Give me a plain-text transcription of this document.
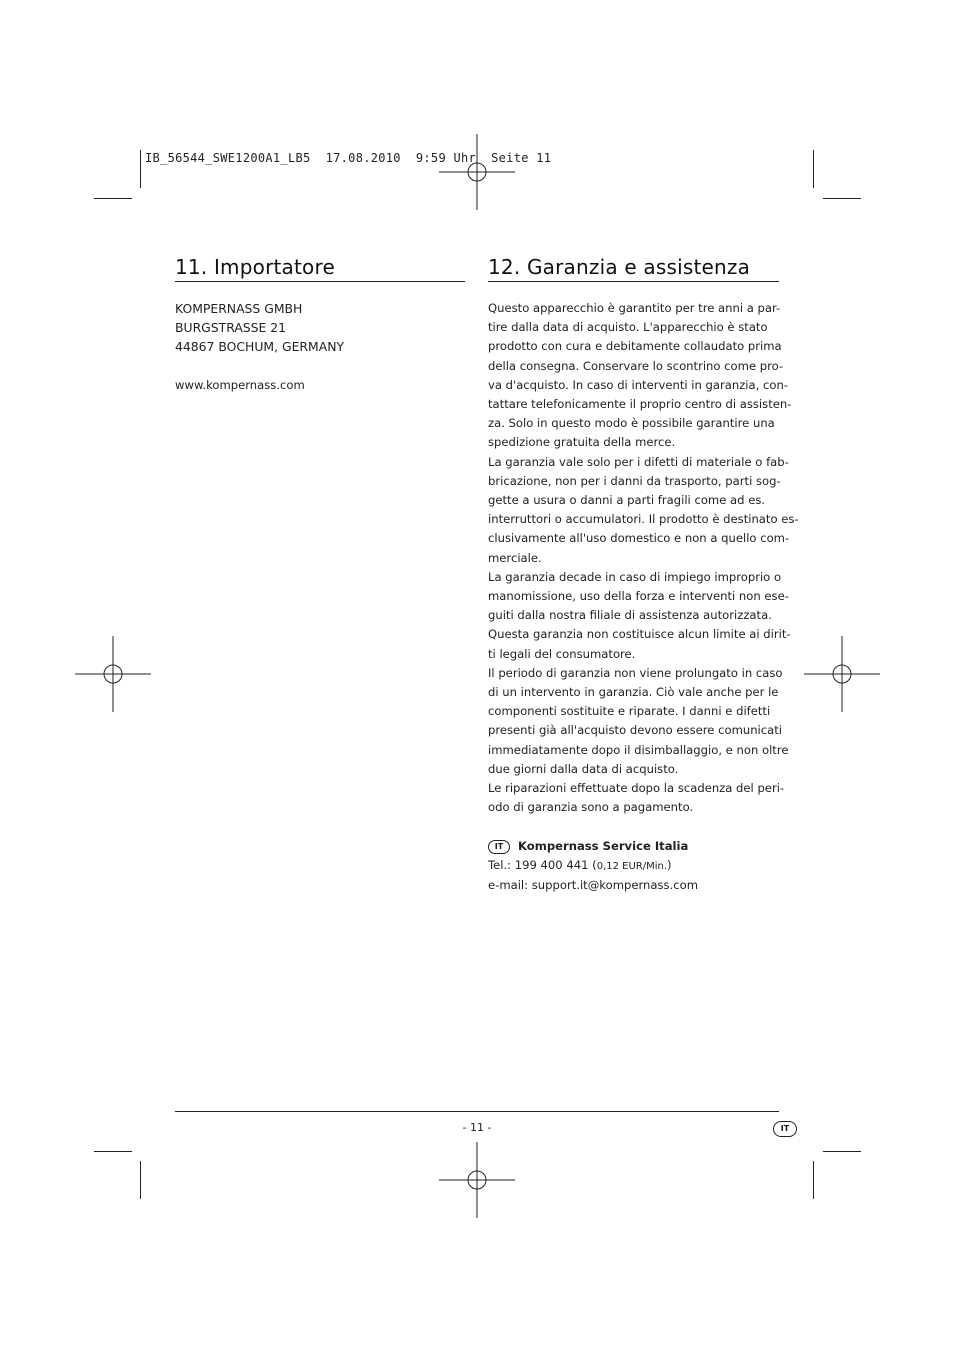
IB_56544_SWE1200A1_LB5  17.08.2010  9:59 Uhr  Seite 11
11. Importatore
KOMPERNASS GMBH
BURGSTRASSE 21
44867 BOCHUM, GERMANY
www.kompernass.com
12. Garanzia e assistenza
Questo apparecchio è garantito per tre anni a par-
tire dalla data di acquisto. L'apparecchio è stato
prodotto con cura e debitamente collaudato prima
della consegna. Conservare lo scontrino come pro-
va d'acquisto. In caso di interventi in garanzia, con-
tattare telefonicamente il proprio centro di assisten-
za. Solo in questo modo è possibile garantire una
spedizione gratuita della merce.
La garanzia vale solo per i difetti di materiale o fab-
bricazione, non per i danni da trasporto, parti sog-
gette a usura o danni a parti fragili come ad es.
interruttori o accumulatori. Il prodotto è destinato es-
clusivamente all'uso domestico e non a quello com-
merciale.
La garanzia decade in caso di impiego improprio o
manomissione, uso della forza e interventi non ese-
guiti dalla nostra filiale di assistenza autorizzata.
Questa garanzia non costituisce alcun limite ai dirit-
ti legali del consumatore.
Il periodo di garanzia non viene prolungato in caso
di un intervento in garanzia. Ciò vale anche per le
componenti sostituite e riparate. I danni e difetti
presenti già all'acquisto devono essere comunicati
immediatamente dopo il disimballaggio, e non oltre
due giorni dalla data di acquisto.
Le riparazioni effettuate dopo la scadenza del peri-
odo di garanzia sono a pagamento.
IT Kompernass Service Italia
Tel.: 199 400 441 (0,12 EUR/Min.)
e-mail: support.it@kompernass.com
- 11 -	IT
